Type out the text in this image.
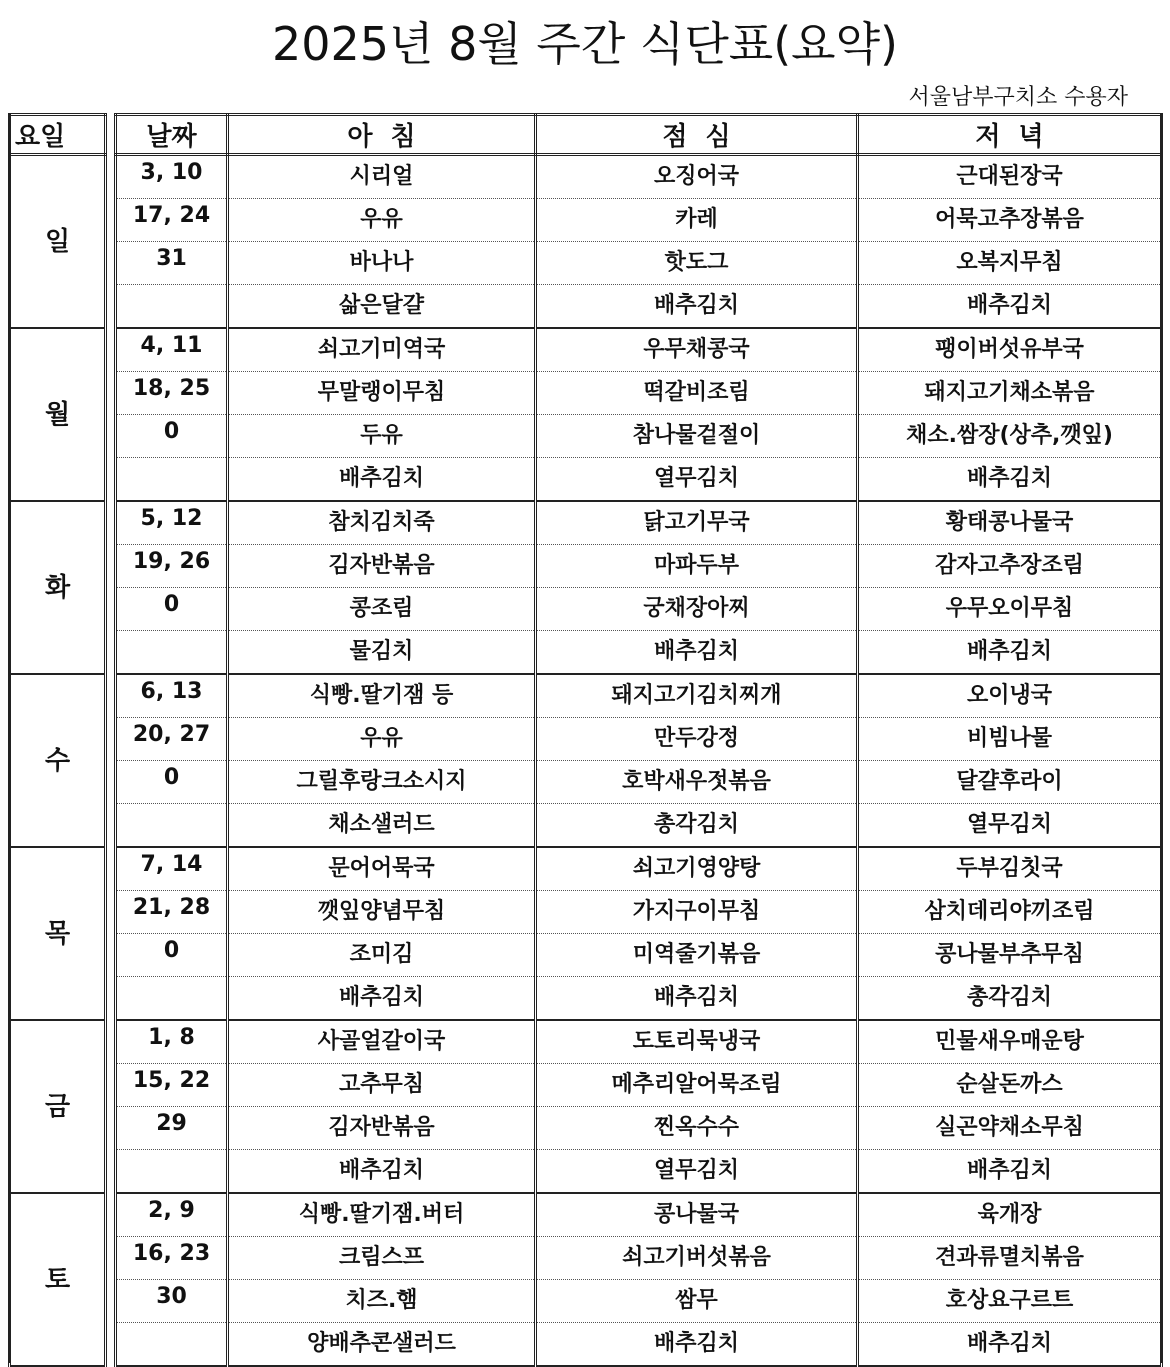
2025년 8월 주간 식단표(요약)
서울남부구치소 수용자
요일		날짜	아  침	점  심	저  녁
일		3, 10	시리얼	오징어국	근대된장국
		17, 24	우유	카레	어묵고추장볶음
		31	바나나	핫도그	오복지무침
			삶은달걀	배추김치	배추김치
월		4, 11	쇠고기미역국	우무채콩국	팽이버섯유부국
		18, 25	무말랭이무침	떡갈비조림	돼지고기채소볶음
		0	두유	참나물겉절이	채소.쌈장(상추,깻잎)
			배추김치	열무김치	배추김치
화		5, 12	참치김치죽	닭고기무국	황태콩나물국
		19, 26	김자반볶음	마파두부	감자고추장조림
		0	콩조림	궁채장아찌	우무오이무침
			물김치	배추김치	배추김치
수		6, 13	식빵.딸기잼 등	돼지고기김치찌개	오이냉국
		20, 27	우유	만두강정	비빔나물
		0	그릴후랑크소시지	호박새우젓볶음	달걀후라이
			채소샐러드	총각김치	열무김치
목		7, 14	문어어묵국	쇠고기영양탕	두부김칫국
		21, 28	깻잎양념무침	가지구이무침	삼치데리야끼조림
		0	조미김	미역줄기볶음	콩나물부추무침
			배추김치	배추김치	총각김치
금		1, 8	사골얼갈이국	도토리묵냉국	민물새우매운탕
		15, 22	고추무침	메추리알어묵조림	순살돈까스
		29	김자반볶음	찐옥수수	실곤약채소무침
			배추김치	열무김치	배추김치
토		2, 9	식빵.딸기잼.버터	콩나물국	육개장
		16, 23	크림스프	쇠고기버섯볶음	견과류멸치볶음
		30	치즈.햄	쌈무	호상요구르트
			양배추콘샐러드	배추김치	배추김치
